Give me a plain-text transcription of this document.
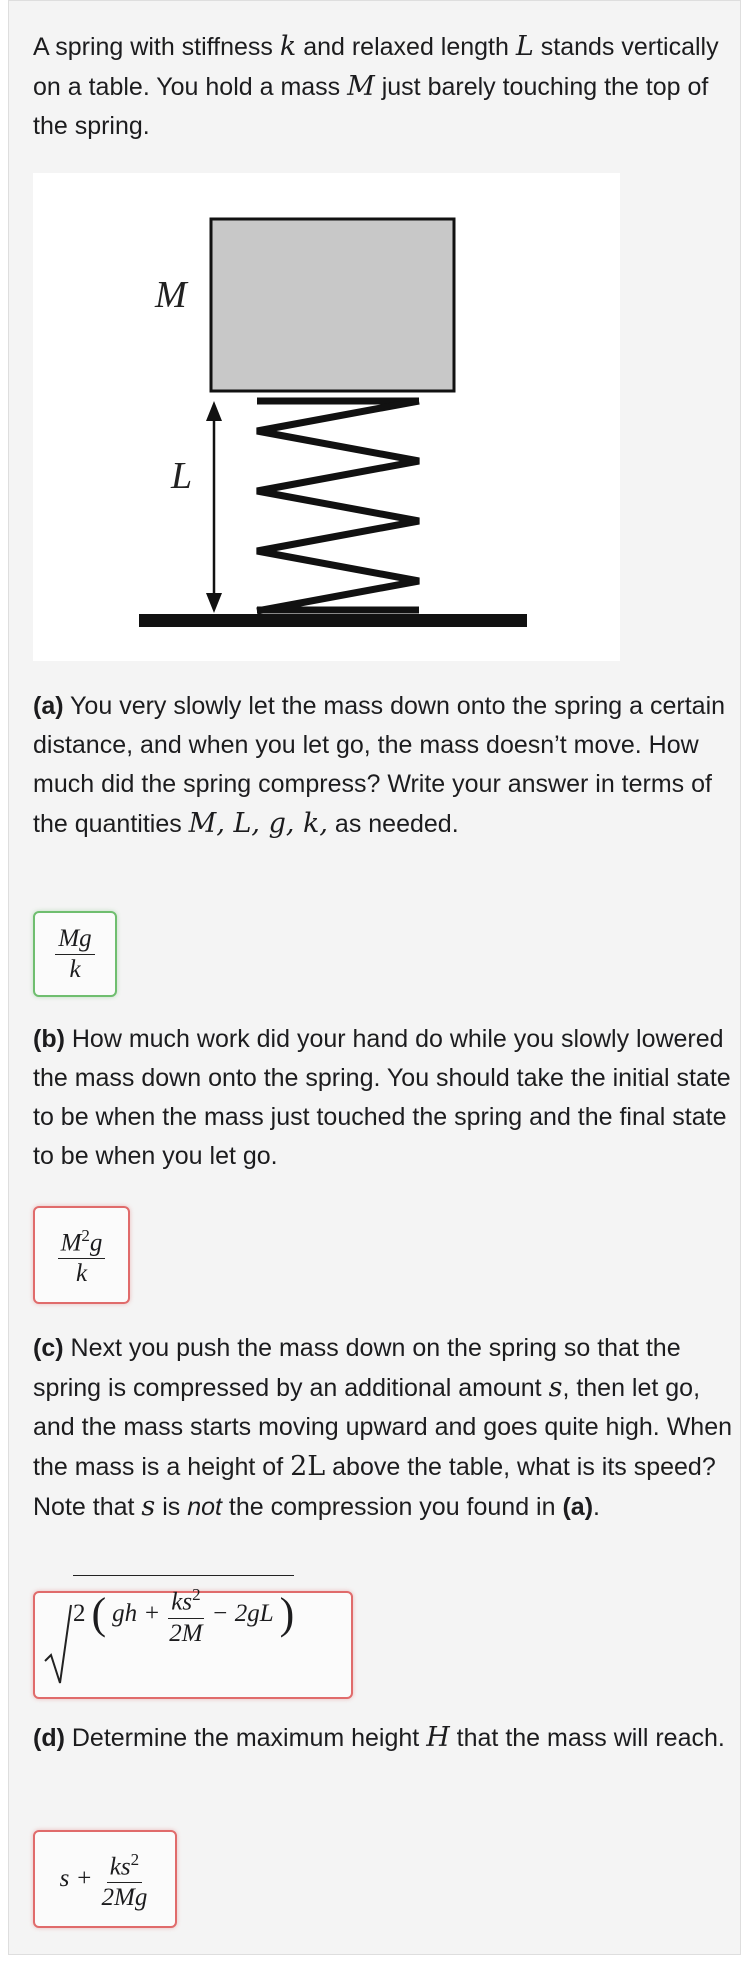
A spring with stiffness k and relaxed length L stands vertically on a table. You hold a mass M just barely touching the top of the spring.
M
L
(a) You very slowly let the mass down onto the spring a certain distance, and when you let go, the mass doesn’t move. How much did the spring compress? Write your answer in terms of the quantities M, L, g, k, as needed.
$\frac{Mg}{k}$
(b) How much work did your hand do while you slowly lowered the mass down onto the spring. You should take the initial state to be when the mass just touched the spring and the final state to be when you let go.
$\frac{M^2g}{k}$
(c) Next you push the mass down on the spring so that the spring is compressed by an additional amount s, then let go, and the mass starts moving upward and goes quite high. When the mass is a height of 2L above the table, what is its speed? Note that s is not the compression you found in (a).
2 ( gh + $\frac{ks^2}{2M} - 2gL$ )
(d) Determine the maximum height H that the mass will reach.
$s + \frac{ks^2}{2Mg}$
